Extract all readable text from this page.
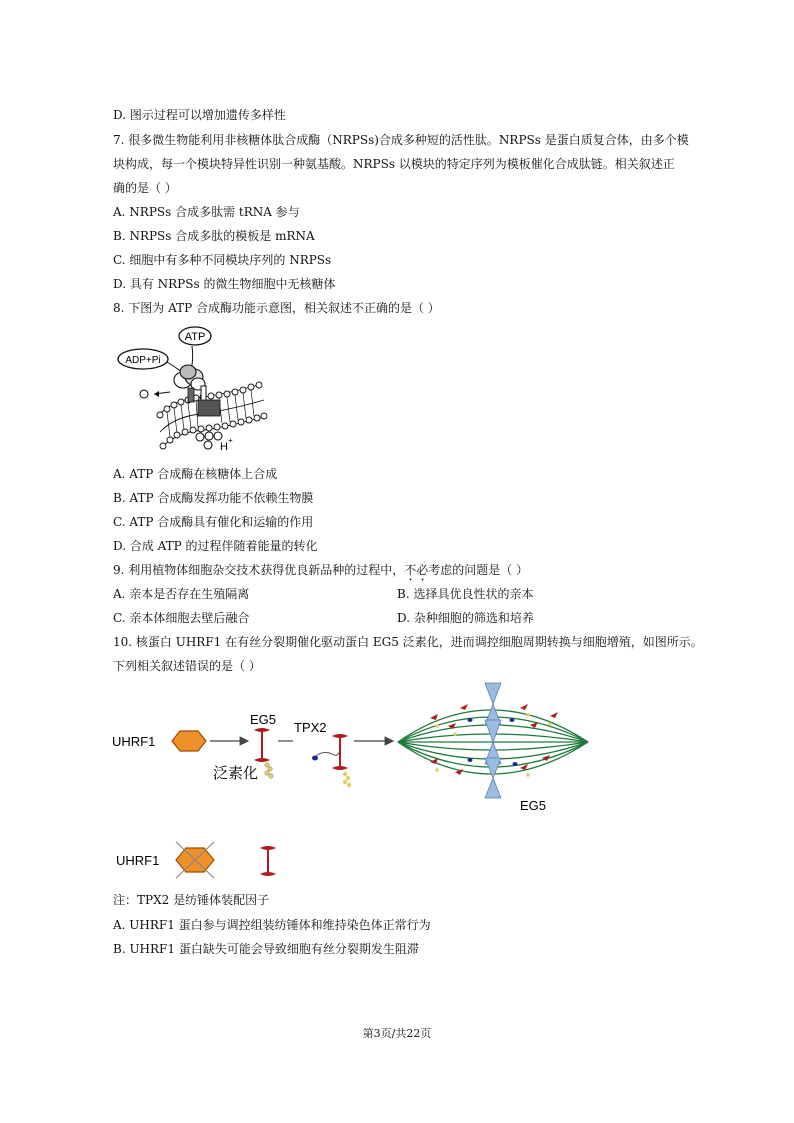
D. 图示过程可以增加遗传多样性
7. 很多微生物能利用非核糖体肽合成酶（NRPSs)合成多种短的活性肽。NRPSs 是蛋白质复合体，由多个模
块构成，每一个模块特异性识别一种氨基酸。NRPSs 以模块的特定序列为模板催化合成肽链。相关叙述正
确的是（ ）
A. NRPSs 合成多肽需 tRNA 参与
B. NRPSs 合成多肽的模板是 mRNA
C. 细胞中有多种不同模块序列的 NRPSs
D. 具有 NRPSs 的微生物细胞中无核糖体
8. 下图为 ATP 合成酶功能示意图，相关叙述不正确的是（ ）
ATP
ADP+Pi
H
+
A. ATP 合成酶在核糖体上合成
B. ATP 合成酶发挥功能不依赖生物膜
C. ATP 合成酶具有催化和运输的作用
D. 合成 ATP 的过程伴随着能量的转化
9. 利用植物体细胞杂交技术获得优良新品种的过程中，不必考虑的问题是（ ）
A. 亲本是否存在生殖隔离	B. 选择具优良性状的亲本
C. 亲本体细胞去壁后融合	D. 杂种细胞的筛选和培养
10. 核蛋白 UHRF1 在有丝分裂期催化驱动蛋白 EG5 泛素化，进而调控细胞周期转换与细胞增殖，如图所示。
下列相关叙述错误的是（ ）
UHRF1
EG5
泛素化
TPX2
EG5
UHRF1
注：TPX2 是纺锤体装配因子
A. UHRF1 蛋白参与调控组装纺锤体和维持染色体正常行为
B. UHRF1 蛋白缺失可能会导致细胞有丝分裂期发生阻滞
第3页/共22页
